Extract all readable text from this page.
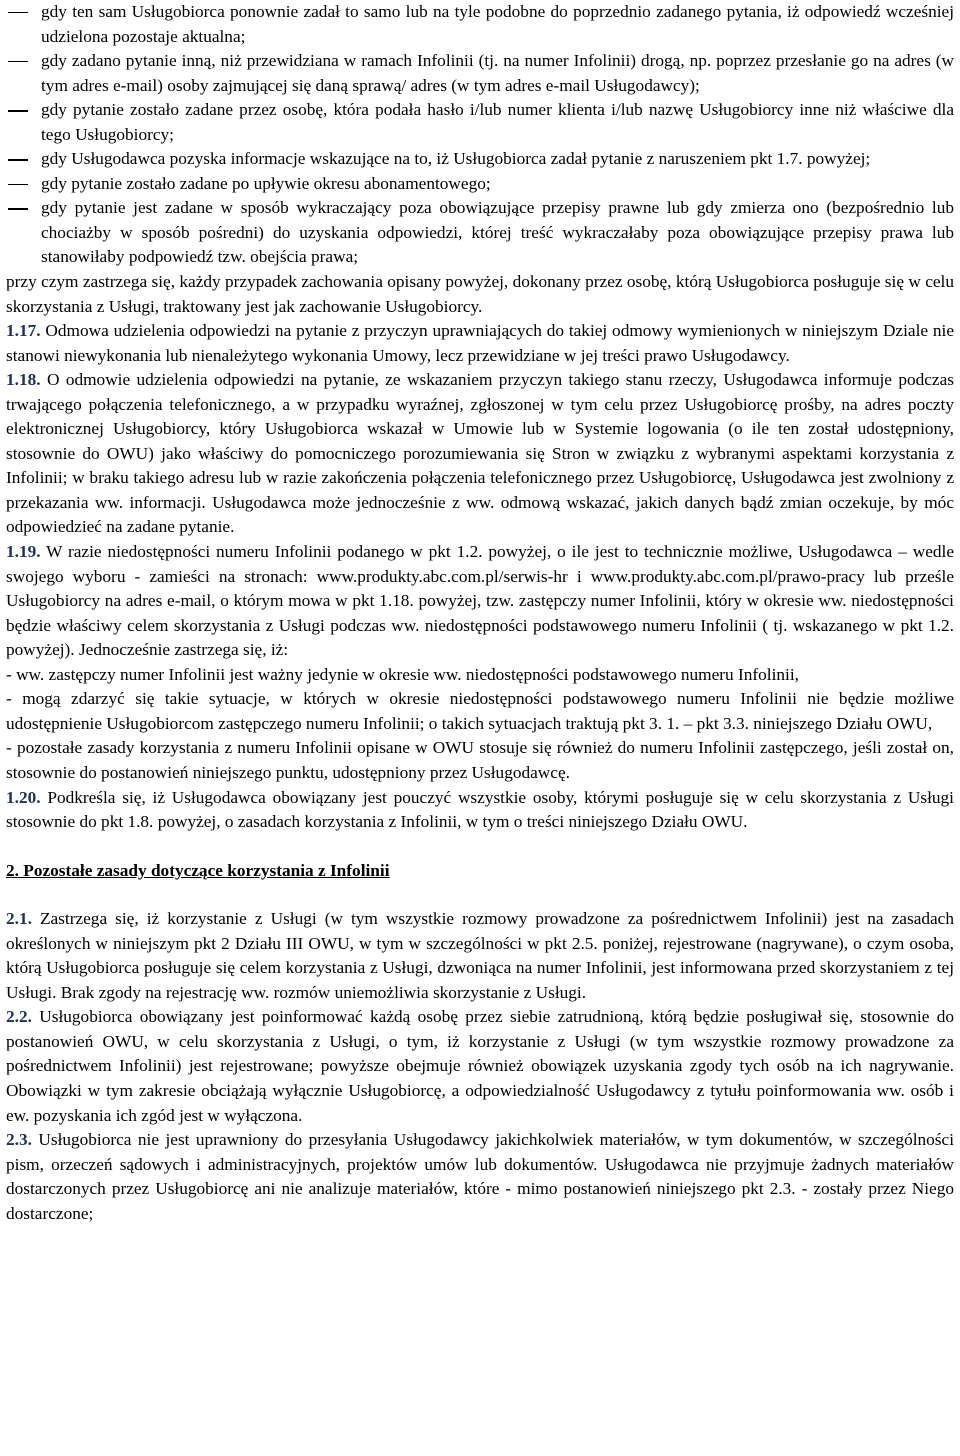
gdy ten sam Usługobiorca ponownie zadał to samo lub na tyle podobne do poprzednio zadanego pytania, iż odpowiedź wcześniej udzielona pozostaje aktualna;
gdy zadano pytanie inną, niż przewidziana w ramach Infolinii (tj. na numer Infolinii) drogą, np. poprzez przesłanie go na adres (w tym adres e-mail) osoby zajmującej się daną sprawą/ adres (w tym adres e-mail Usługodawcy);
gdy pytanie zostało zadane przez osobę, która podała hasło i/lub numer klienta i/lub nazwę Usługobiorcy inne niż właściwe dla tego Usługobiorcy;
gdy Usługodawca pozyska informacje wskazujące na to, iż Usługobiorca zadał pytanie z naruszeniem pkt 1.7. powyżej;
gdy pytanie zostało zadane po upływie okresu abonamentowego;
gdy pytanie jest zadane w sposób wykraczający poza obowiązujące przepisy prawne lub gdy zmierza ono (bezpośrednio lub chociażby w sposób pośredni) do uzyskania odpowiedzi, której treść wykraczałaby poza obowiązujące przepisy prawa lub stanowiłaby podpowiedź tzw. obejścia prawa;

przy czym zastrzega się, każdy przypadek zachowania opisany powyżej, dokonany przez osobę, którą Usługobiorca posługuje się w celu skorzystania z Usługi, traktowany jest jak zachowanie Usługobiorcy.

1.17. Odmowa udzielenia odpowiedzi na pytanie z przyczyn uprawniających do takiej odmowy wymienionych w niniejszym Dziale nie stanowi niewykonania lub nienależytego wykonania Umowy, lecz przewidziane w jej treści prawo Usługodawcy.

1.18. O odmowie udzielenia odpowiedzi na pytanie, ze wskazaniem przyczyn takiego stanu rzeczy, Usługodawca informuje podczas trwającego połączenia telefonicznego, a w przypadku wyraźnej, zgłoszonej w tym celu przez Usługobiorcę prośby, na adres poczty elektronicznej Usługobiorcy, który Usługobiorca wskazał w Umowie lub w Systemie logowania (o ile ten został udostępniony, stosownie do OWU) jako właściwy do pomocniczego porozumiewania się Stron w związku z wybranymi aspektami korzystania z Infolinii; w braku takiego adresu lub w razie zakończenia połączenia telefonicznego przez Usługobiorcę, Usługodawca jest zwolniony z przekazania ww. informacji. Usługodawca może jednocześnie z ww. odmową wskazać, jakich danych bądź zmian oczekuje, by móc odpowiedzieć na zadane pytanie.

1.19. W razie niedostępności numeru Infolinii podanego w pkt 1.2. powyżej, o ile jest to technicznie możliwe, Usługodawca – wedle swojego wyboru - zamieści na stronach: www.produkty.abc.com.pl/serwis-hr i www.produkty.abc.com.pl/prawo-pracy lub prześle Usługobiorcy na adres e-mail, o którym mowa w pkt 1.18. powyżej, tzw. zastępczy numer Infolinii, który w okresie ww. niedostępności będzie właściwy celem skorzystania z Usługi podczas ww. niedostępności podstawowego numeru Infolinii ( tj. wskazanego w pkt 1.2. powyżej). Jednocześnie zastrzega się, iż:

- ww. zastępczy numer Infolinii jest ważny jedynie w okresie ww. niedostępności podstawowego numeru Infolinii,

- mogą zdarzyć się takie sytuacje, w których w okresie niedostępności podstawowego numeru Infolinii nie będzie możliwe udostępnienie Usługobiorcom zastępczego numeru Infolinii; o takich sytuacjach traktują pkt 3. 1. – pkt 3.3. niniejszego Działu OWU,

- pozostałe zasady korzystania z numeru Infolinii opisane w OWU stosuje się również do numeru Infolinii zastępczego, jeśli został on, stosownie do postanowień niniejszego punktu, udostępniony przez Usługodawcę.

1.20. Podkreśla się, iż Usługodawca obowiązany jest pouczyć wszystkie osoby, którymi posługuje się w celu skorzystania z Usługi stosownie do pkt 1.8. powyżej, o zasadach korzystania z Infolinii, w tym o treści niniejszego Działu OWU.

2. Pozostałe zasady dotyczące korzystania z Infolinii

2.1. Zastrzega się, iż korzystanie z Usługi (w tym wszystkie rozmowy prowadzone za pośrednictwem Infolinii) jest na zasadach określonych w niniejszym pkt 2 Działu III OWU, w tym w szczególności w pkt 2.5. poniżej, rejestrowane (nagrywane), o czym osoba, którą Usługobiorca posługuje się celem korzystania z Usługi, dzwoniąca na numer Infolinii, jest informowana przed skorzystaniem z tej Usługi. Brak zgody na rejestrację ww. rozmów uniemożliwia skorzystanie z Usługi.

2.2. Usługobiorca obowiązany jest poinformować każdą osobę przez siebie zatrudnioną, którą będzie posługiwał się, stosownie do postanowień OWU, w celu skorzystania z Usługi, o tym, iż korzystanie z Usługi (w tym wszystkie rozmowy prowadzone za pośrednictwem Infolinii) jest rejestrowane; powyższe obejmuje również obowiązek uzyskania zgody tych osób na ich nagrywanie. Obowiązki w tym zakresie obciążają wyłącznie Usługobiorcę, a odpowiedzialność Usługodawcy z tytułu poinformowania ww. osób i ew. pozyskania ich zgód jest w wyłączona.

2.3. Usługobiorca nie jest uprawniony do przesyłania Usługodawcy jakichkolwiek materiałów, w tym dokumentów, w szczególności pism, orzeczeń sądowych i administracyjnych, projektów umów lub dokumentów. Usługodawca nie przyjmuje żadnych materiałów dostarczonych przez Usługobiorcę ani nie analizuje materiałów, które - mimo postanowień niniejszego pkt 2.3. - zostały przez Niego dostarczone;
